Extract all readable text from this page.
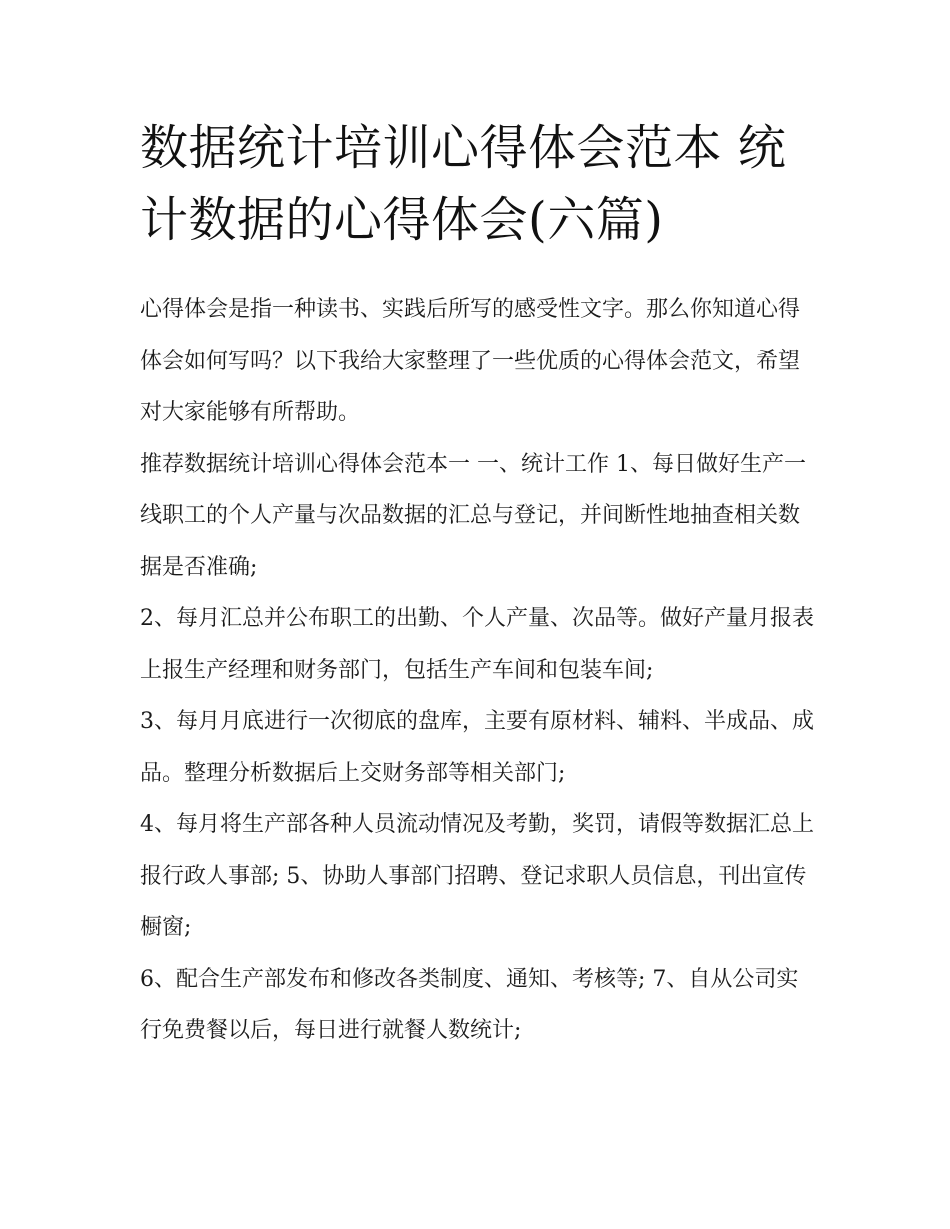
数据统计培训心得体会范本 统计数据的心得体会(六篇)

心得体会是指一种读书、实践后所写的感受性文字。那么你知道心得体会如何写吗？以下我给大家整理了一些优质的心得体会范文，希望对大家能够有所帮助。

推荐数据统计培训心得体会范本一 一、统计工作 1、每日做好生产一线职工的个人产量与次品数据的汇总与登记，并间断性地抽查相关数据是否准确;

2、每月汇总并公布职工的出勤、个人产量、次品等。做好产量月报表上报生产经理和财务部门，包括生产车间和包装车间;

3、每月月底进行一次彻底的盘库，主要有原材料、辅料、半成品、成品。整理分析数据后上交财务部等相关部门;

4、每月将生产部各种人员流动情况及考勤，奖罚，请假等数据汇总上报行政人事部; 5、协助人事部门招聘、登记求职人员信息，刊出宣传橱窗;

6、配合生产部发布和修改各类制度、通知、考核等; 7、自从公司实行免费餐以后，每日进行就餐人数统计;
